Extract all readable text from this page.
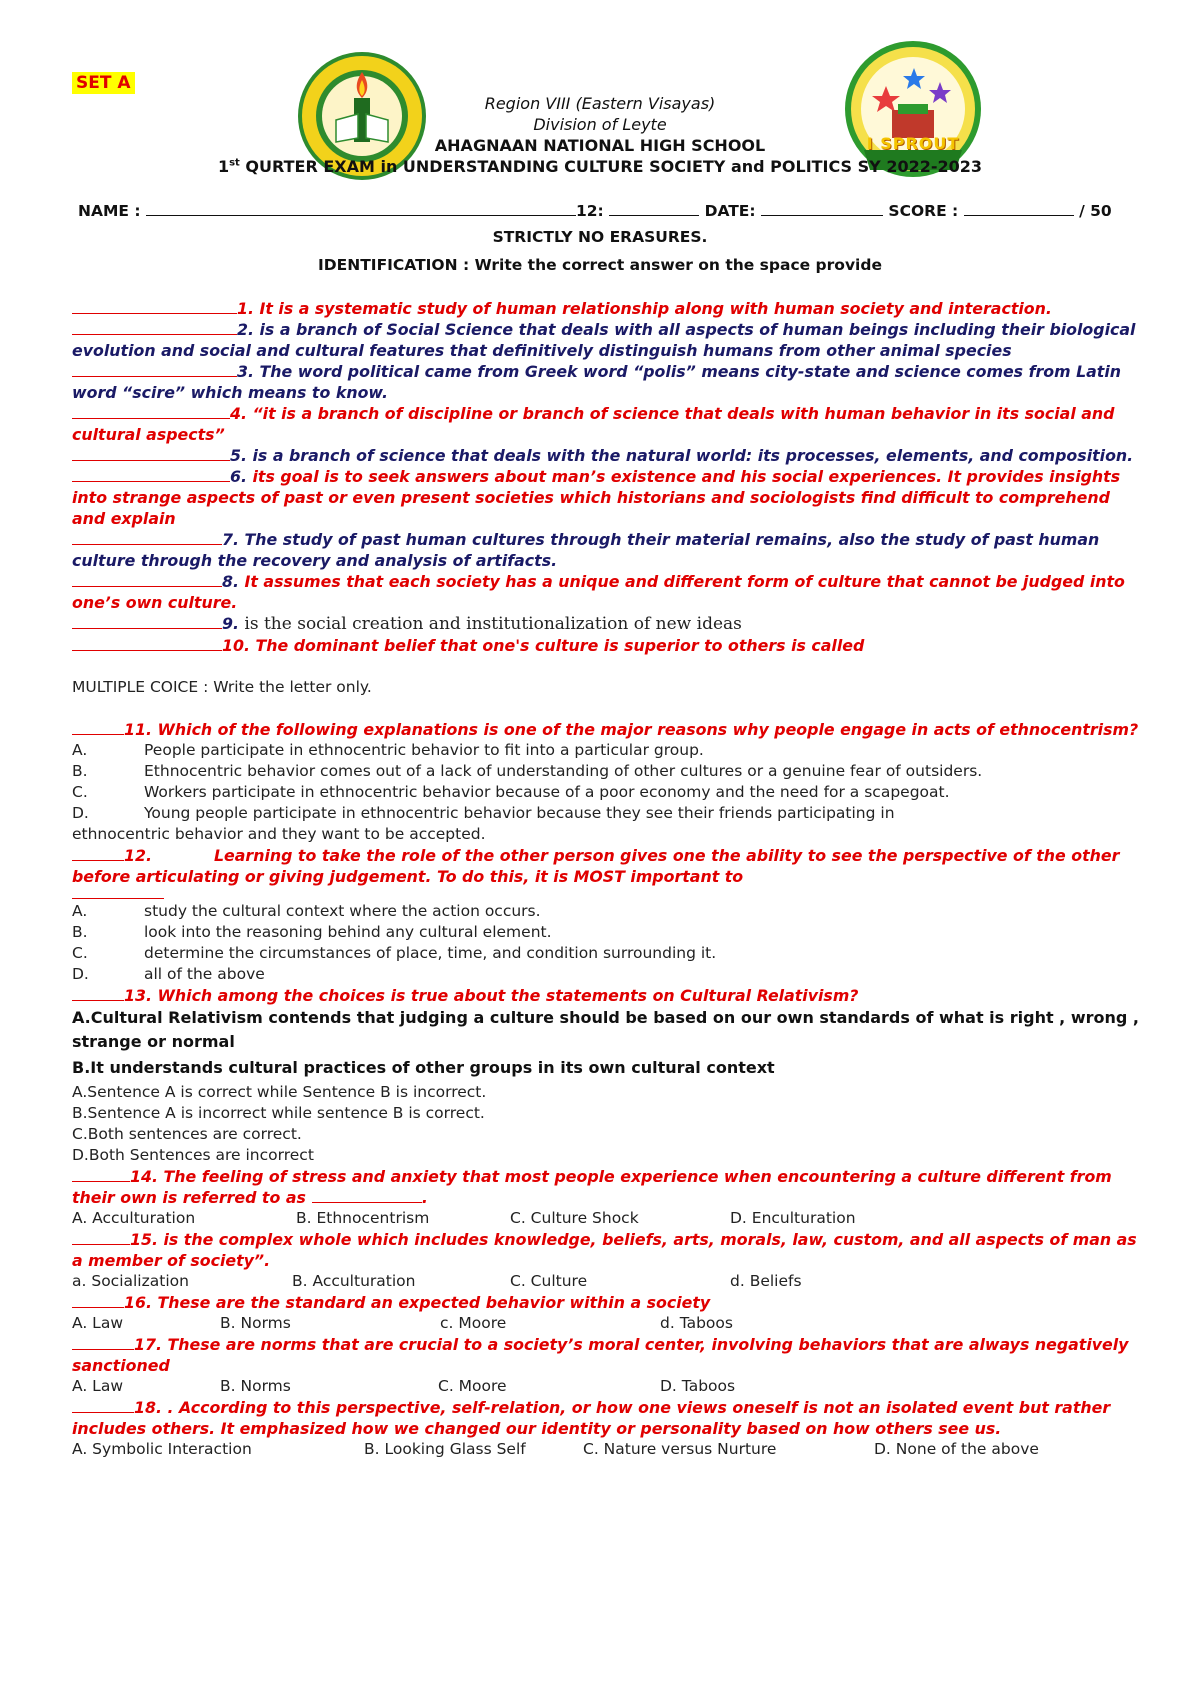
SET A
I SPROUT
Region VIII (Eastern Visayas)
Division of Leyte
AHAGNAAN NATIONAL HIGH SCHOOL
1st QURTER EXAM in UNDERSTANDING CULTURE SOCIETY and POLITICS SY 2022-2023
NAME :	12:	DATE:	SCORE :	/ 50
STRICTLY NO ERASURES.
IDENTIFICATION : Write the correct answer on the space provide
1. It is a systematic study of human relationship along with human society and interaction.
2. is a branch of Social Science that deals with all aspects of human beings including their biological evolution and social and cultural features that definitively distinguish humans from other animal species
3. The word political came from Greek word “polis” means city-state and science comes from Latin word “scire” which means to know.
4. “it is a branch of discipline or branch of science that deals with human behavior in its social and cultural aspects”
5. is a branch of science that deals with the natural world: its processes, elements, and composition.
6. its goal is to seek answers about man’s existence and his social experiences. It provides insights into strange aspects of past or even present societies which historians and sociologists find difficult to comprehend and explain
7. The study of past human cultures through their material remains, also the study of past human culture through the recovery and analysis of artifacts.
8. It assumes that each society has a unique and different form of culture that cannot be judged into one’s own culture.
9. is the social creation and institutionalization of new ideas
10. The dominant belief that one's culture is superior to others is called
MULTIPLE COICE : Write the letter only.
11. Which of the following explanations is one of the major reasons why people engage in acts of ethnocentrism?
A.	People participate in ethnocentric behavior to fit into a particular group.
B.	Ethnocentric behavior comes out of a lack of understanding of other cultures or a genuine fear of outsiders.
C.	Workers participate in ethnocentric behavior because of a poor economy and the need for a scapegoat.
D.	Young people participate in ethnocentric behavior because they see their friends participating in
ethnocentric behavior and they want to be accepted.
12.	Learning to take the role of the other person gives one the ability to see the perspective of the other before articulating or giving judgement. To do this, it is MOST important to
A.	study the cultural context where the action occurs.
B.	look into the reasoning behind any cultural element.
C.	determine the circumstances of place, time, and condition surrounding it.
D.	all of the above
13. Which among the choices is true about the statements on Cultural Relativism?
A.Cultural Relativism contends that judging a culture should be based on our own standards of what is right , wrong , strange or normal
B.It understands cultural practices of other groups in its own cultural context
A.Sentence A is correct while Sentence B is incorrect.
B.Sentence A is incorrect while sentence B is correct.
C.Both sentences are correct.
D.Both Sentences are incorrect
14. The feeling of stress and anxiety that most people experience when encountering a culture different from their own is referred to as	.
A. Acculturation	B. Ethnocentrism	C. Culture Shock	D. Enculturation
15. is the complex whole which includes knowledge, beliefs, arts, morals, law, custom, and all aspects of man as a member of society”.
a. Socialization	B. Acculturation	C. Culture	d. Beliefs
16. These are the standard an expected behavior within a society
A. Law	B. Norms	c. Moore	d. Taboos
17. These are norms that are crucial to a society’s moral center, involving behaviors that are always negatively sanctioned
A. Law	B. Norms	C. Moore	D. Taboos
18. . According to this perspective, self-relation, or how one views oneself is not an isolated event but rather includes others. It emphasized how we changed our identity or personality based on how others see us.
A. Symbolic Interaction	B. Looking Glass Self	C. Nature versus Nurture	D. None of the above
